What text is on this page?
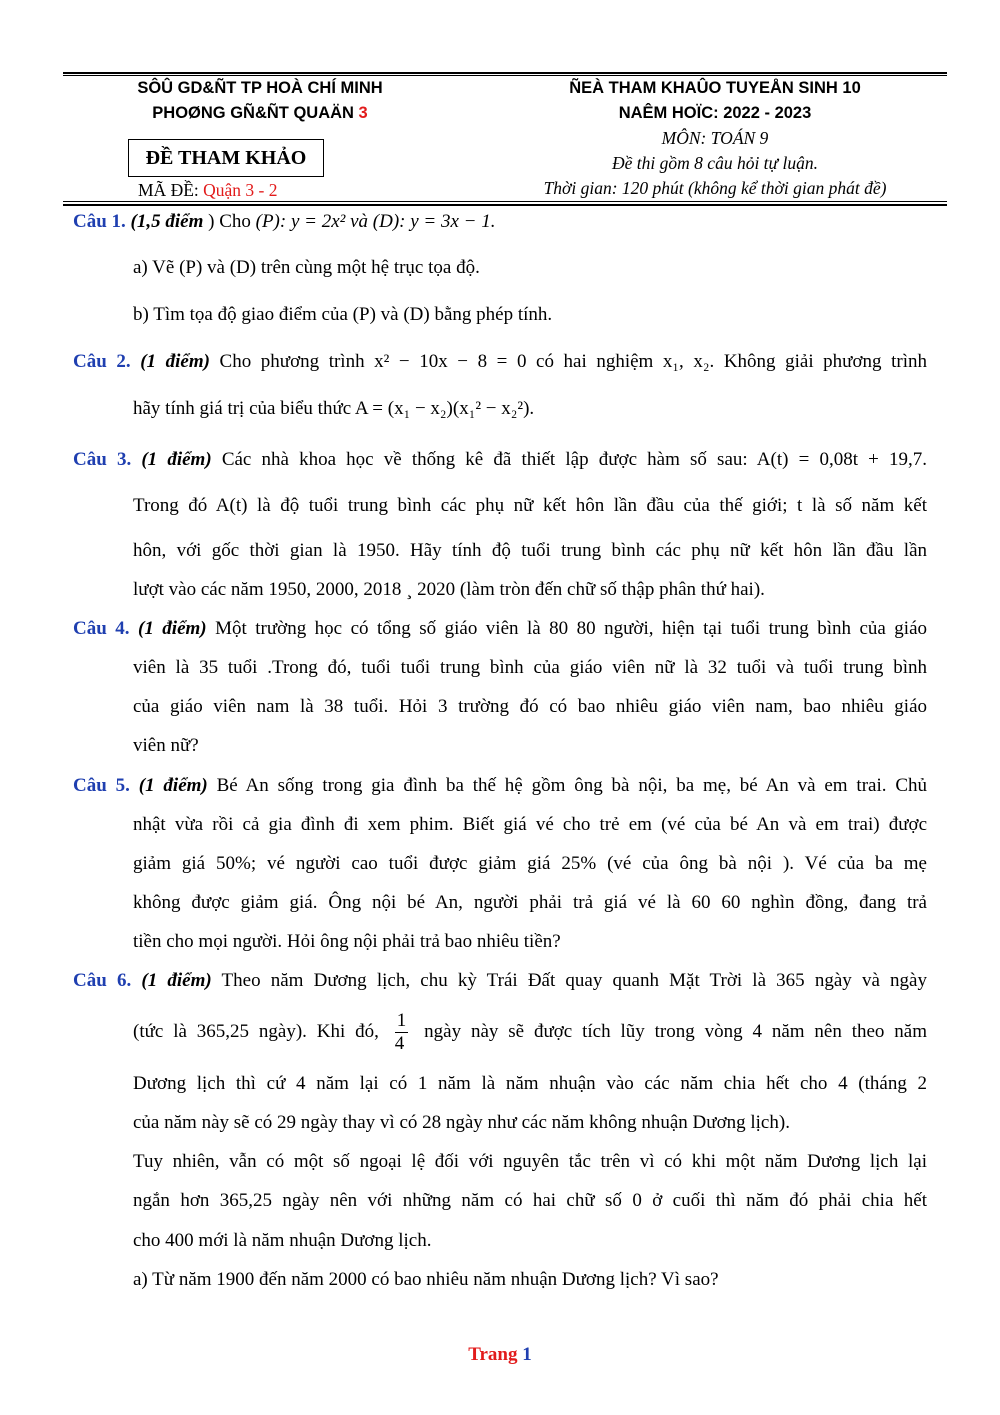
SÔÛ GD&ÑT TP HOÀ CHÍ MINH
PHOØNG GÑ&ÑT QUAÄN 3
ÑEÀ THAM KHAÛO TUYEÅN SINH 10
NAÊM HOÏC: 2022 - 2023
MÔN: TOÁN 9
Đề thi gồm 8 câu hỏi tự luận.
Thời gian: 120 phút (không kể thời gian phát đề)
ĐỀ THAM KHẢO
MÃ ĐỀ: Quận 3 - 2
Câu 1. (1,5 điểm ) Cho (P): y = 2x² và (D): y = 3x − 1.
a) Vẽ (P) và (D) trên cùng một hệ trục tọa độ.
b) Tìm tọa độ giao điểm của (P) và (D) bằng phép tính.
Câu 2. (1 điểm) Cho phương trình x² − 10x − 8 = 0 có hai nghiệm x₁, x₂. Không giải phương trình
hãy tính giá trị của biểu thức A = (x₁ − x₂)(x₁² − x₂²).
Câu 3. (1 điểm) Các nhà khoa học về thống kê đã thiết lập được hàm số sau: A(t) = 0,08t + 19,7.
Trong đó A(t) là độ tuổi trung bình các phụ nữ kết hôn lần đầu của thế giới; t là số năm kết
hôn, với gốc thời gian là 1950. Hãy tính độ tuổi trung bình các phụ nữ kết hôn lần đầu lần
lượt vào các năm 1950, 2000, 2018 ¸ 2020 (làm tròn đến chữ số thập phân thứ hai).
Câu 4. (1 điểm) Một trường học có tổng số giáo viên là 80 80 người, hiện tại tuổi trung bình của giáo
viên là 35 tuổi .Trong đó, tuổi tuổi trung bình của giáo viên nữ là 32 tuổi và tuổi trung bình
của giáo viên nam là 38 tuổi. Hỏi 3 trường đó có bao nhiêu giáo viên nam, bao nhiêu giáo
viên nữ?
Câu 5. (1 điểm) Bé An sống trong gia đình ba thế hệ gồm ông bà nội, ba mẹ, bé An và em trai. Chủ
nhật vừa rồi cả gia đình đi xem phim. Biết giá vé cho trẻ em (vé của bé An và em trai) được
giảm giá 50%; vé người cao tuổi được giảm giá 25% (vé của ông bà nội ). Vé của ba mẹ
không được giảm giá. Ông nội bé An, người phải trả giá vé là 60 60 nghìn đồng, đang trả
tiền cho mọi người. Hỏi ông nội phải trả bao nhiêu tiền?
Câu 6. (1 điểm) Theo năm Dương lịch, chu kỳ Trái Đất quay quanh Mặt Trời là 365 ngày và ngày
(tức là 365,25 ngày). Khi đó, $\frac{1}{4}$ ngày này sẽ được tích lũy trong vòng 4 năm nên theo năm
Dương lịch thì cứ 4 năm lại có 1 năm là năm nhuận vào các năm chia hết cho 4 (tháng 2
của năm này sẽ có 29 ngày thay vì có 28 ngày như các năm không nhuận Dương lịch).
Tuy nhiên, vẫn có một số ngoại lệ đối với nguyên tắc trên vì có khi một năm Dương lịch lại
ngắn hơn 365,25 ngày nên với những năm có hai chữ số 0 ở cuối thì năm đó phải chia hết
cho 400 mới là năm nhuận Dương lịch.
a) Từ năm 1900 đến năm 2000 có bao nhiêu năm nhuận Dương lịch? Vì sao?
Trang 1
